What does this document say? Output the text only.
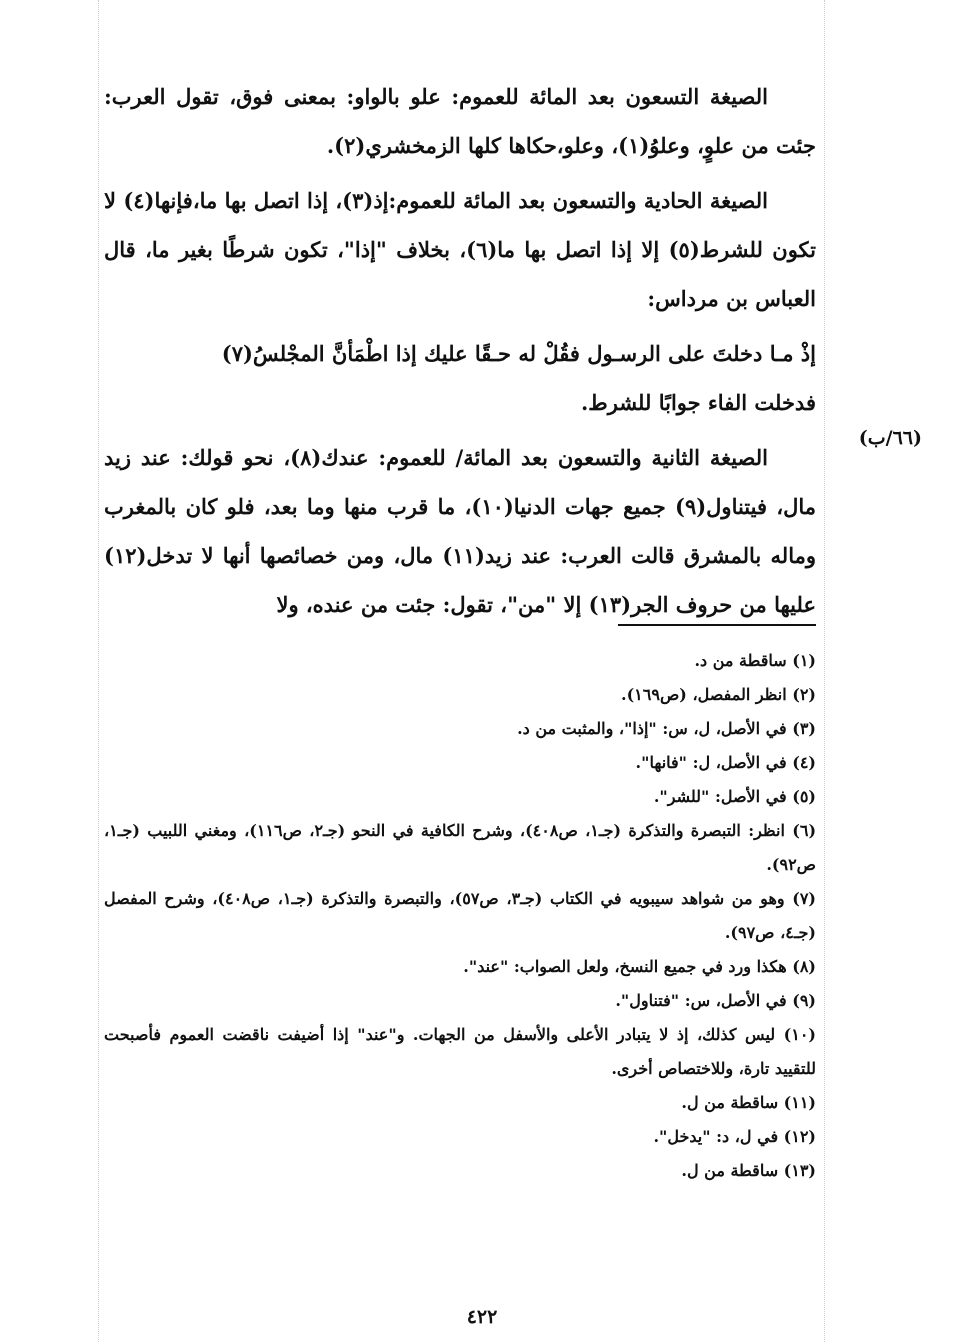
(٦٦/ب)

الصيغة التسعون بعد المائة للعموم: علو بالواو: بمعنى فوق، تقول العرب: جئت من علوٍ، وعلوُ(١)، وعلو،حكاها كلها الزمخشري(٢).

الصيغة الحادية والتسعون بعد المائة للعموم:إذ(٣)، إذا اتصل بها ما،فإنها(٤) لا تكون للشرط(٥) إلا إذا اتصل بها ما(٦)، بخلاف "إذا"، تكون شرطًا بغير ما، قال العباس بن مرداس:

إذْ مـا دخلتَ على الرسـول فقُلْ له حـقًا عليك إذا اطْمَأنَّ المجْلسُ(٧)

فدخلت الفاء جوابًا للشرط.

الصيغة الثانية والتسعون بعد المائة/ للعموم: عندك(٨)، نحو قولك: عند زيد مال، فيتناول(٩) جميع جهات الدنيا(١٠)، ما قرب منها وما بعد، فلو كان بالمغرب وماله بالمشرق قالت العرب: عند زيد(١١) مال، ومن خصائصها أنها لا تدخل(١٢) عليها من حروف الجر(١٣) إلا "من"، تقول: جئت من عنده، ولا

(١) ساقطة من د.

(٢) انظر المفصل، (ص١٦٩).

(٣) في الأصل، ل، س: "إذا"، والمثبت من د.

(٤) في الأصل، ل: "فانها".

(٥) في الأصل: "للشر".

(٦) انظر: التبصرة والتذكرة (جـ١، ص٤٠٨)، وشرح الكافية في النحو (جـ٢، ص١١٦)، ومغني اللبيب (جـ١، ص٩٢).

(٧) وهو من شواهد سيبويه في الكتاب (جـ٣، ص٥٧)، والتبصرة والتذكرة (جـ١، ص٤٠٨)، وشرح المفصل (جـ٤، ص٩٧).

(٨) هكذا ورد في جميع النسخ، ولعل الصواب: "عند".

(٩) في الأصل، س: "فتناول".

(١٠) ليس كذلك، إذ لا يتبادر الأعلى والأسفل من الجهات. و"عند" إذا أضيفت ناقضت العموم فأصبحت للتقييد تارة، وللاختصاص أخرى.

(١١) ساقطة من ل.

(١٢) في ل، د: "يدخل".

(١٣) ساقطة من ل.

٤٢٢
